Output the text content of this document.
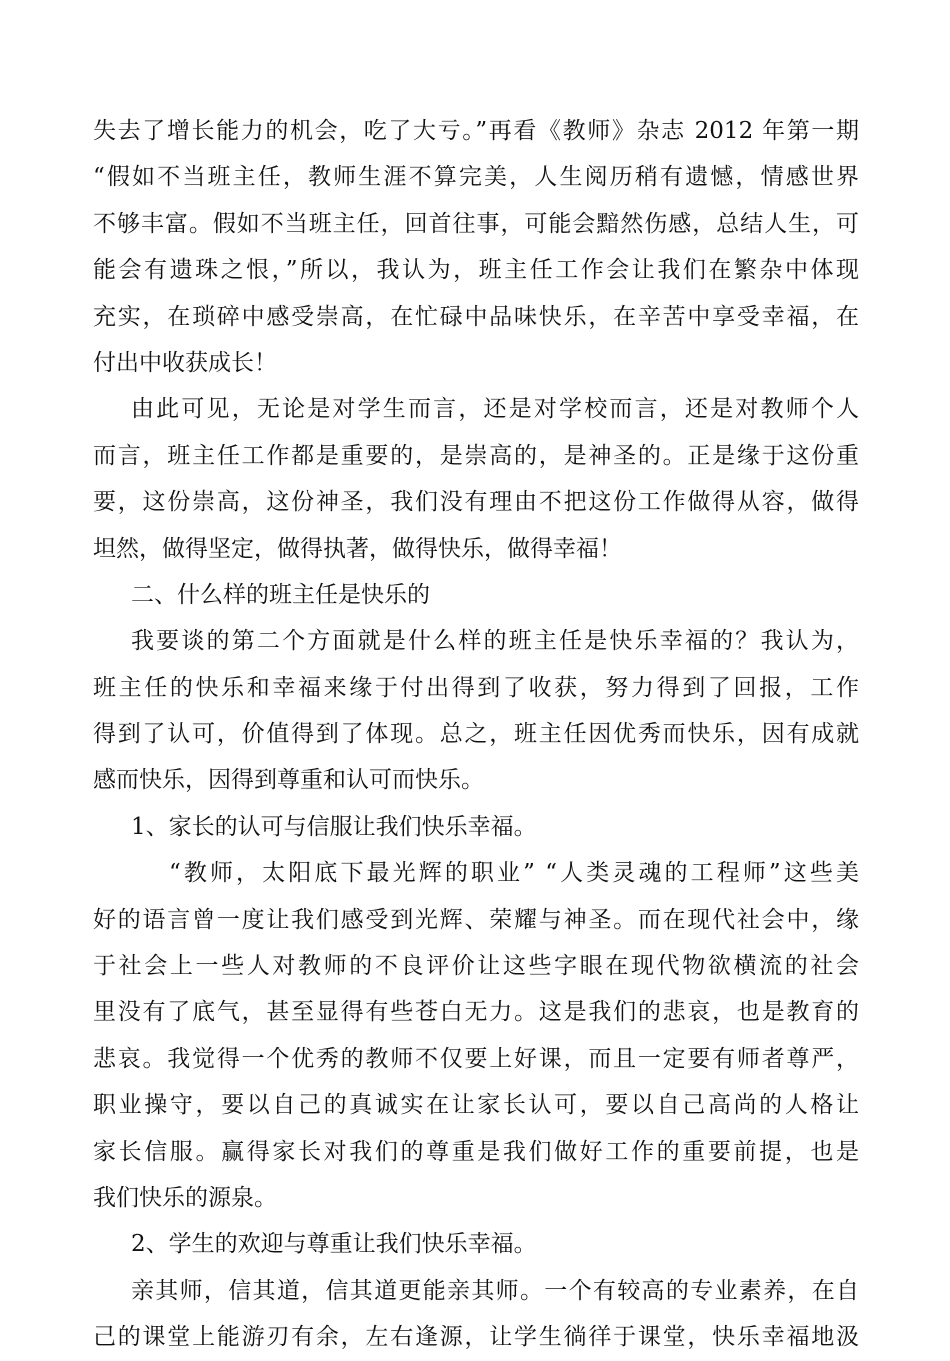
失去了增长能力的机会，吃了大亏。”再看《教师》杂志 2012 年第一期
“假如不当班主任，教师生涯不算完美，人生阅历稍有遗憾，情感世界
不够丰富。假如不当班主任，回首往事，可能会黯然伤感，总结人生，可
能会有遗珠之恨，”所以，我认为，班主任工作会让我们在繁杂中体现
充实，在琐碎中感受崇高，在忙碌中品味快乐，在辛苦中享受幸福，在
付出中收获成长！
由此可见，无论是对学生而言，还是对学校而言，还是对教师个人
而言，班主任工作都是重要的，是崇高的，是神圣的。正是缘于这份重
要，这份崇高，这份神圣，我们没有理由不把这份工作做得从容，做得
坦然，做得坚定，做得执著，做得快乐，做得幸福！
二、什么样的班主任是快乐的
我要谈的第二个方面就是什么样的班主任是快乐幸福的？我认为，
班主任的快乐和幸福来缘于付出得到了收获，努力得到了回报，工作
得到了认可，价值得到了体现。总之，班主任因优秀而快乐，因有成就
感而快乐，因得到尊重和认可而快乐。
1、家长的认可与信服让我们快乐幸福。
“教师，太阳底下最光辉的职业” “人类灵魂的工程师”这些美
好的语言曾一度让我们感受到光辉、荣耀与神圣。而在现代社会中，缘
于社会上一些人对教师的不良评价让这些字眼在现代物欲横流的社会
里没有了底气，甚至显得有些苍白无力。这是我们的悲哀，也是教育的
悲哀。我觉得一个优秀的教师不仅要上好课，而且一定要有师者尊严，
职业操守，要以自己的真诚实在让家长认可，要以自己高尚的人格让
家长信服。赢得家长对我们的尊重是我们做好工作的重要前提，也是
我们快乐的源泉。
2、学生的欢迎与尊重让我们快乐幸福。
亲其师，信其道，信其道更能亲其师。一个有较高的专业素养，在自
己的课堂上能游刃有余，左右逢源，让学生徜徉于课堂，快乐幸福地汲
